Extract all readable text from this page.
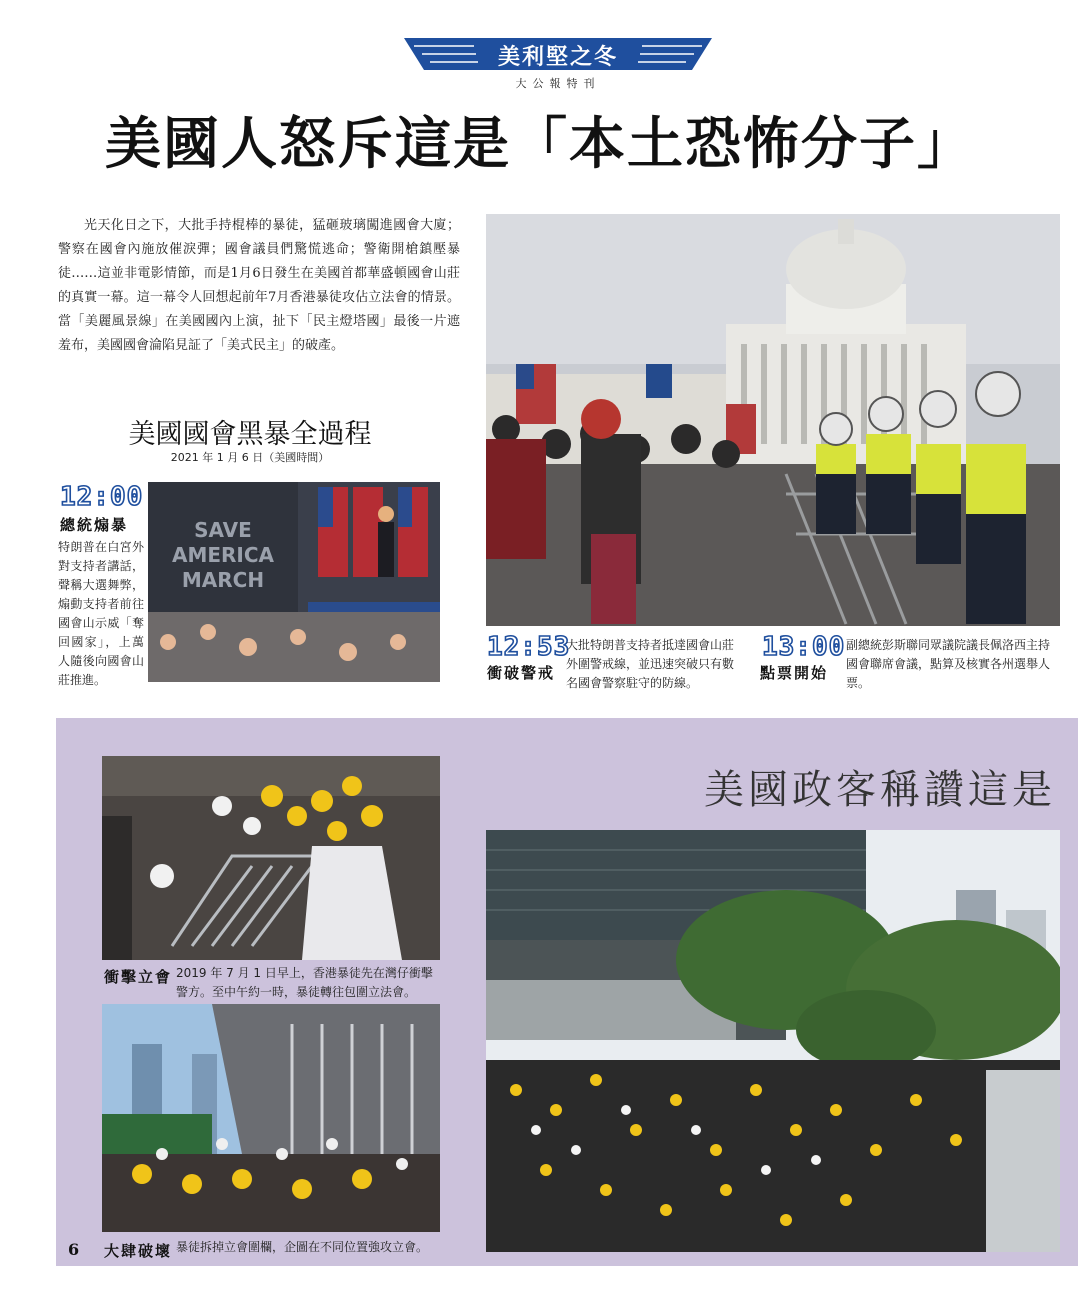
美利堅之冬
大公報特刊
美國人怒斥這是「本土恐怖分子」

光天化日之下，大批手持棍棒的暴徒，猛砸玻璃闖進國會大廈；警察在國會內施放催淚彈；國會議員們驚慌逃命；警衛開槍鎮壓暴徒……這並非電影情節，而是1月6日發生在美國首都華盛頓國會山莊的真實一幕。這一幕令人回想起前年7月香港暴徒攻佔立法會的情景。當「美麗風景線」在美國國內上演，扯下「民主燈塔國」最後一片遮羞布，美國國會淪陷見証了「美式民主」的破產。

美國國會黑暴全過程
2021 年 1 月 6 日（美國時間）
12:00
總統煽暴
特朗普在白宮外對支持者講話，聲稱大選舞弊，煽動支持者前往國會山示威「奪回國家」，上萬人隨後向國會山莊推進。
SAVE
AMERICA
MARCH
12:53
衝破警戒
大批特朗普支持者抵達國會山莊外圍警戒線，並迅速突破只有數名國會警察駐守的防線。
13:00
點票開始
副總統彭斯聯同眾議院議長佩洛西主持國會聯席會議，點算及核實各州選舉人票。
美國政客稱讚這是
衝擊立會 2019 年 7 月 1 日早上，香港暴徒先在灣仔衝擊警方。至中午約一時，暴徒轉往包圍立法會。
6 大肆破壞 暴徒拆掉立會圍欄，企圖在不同位置強攻立會。
